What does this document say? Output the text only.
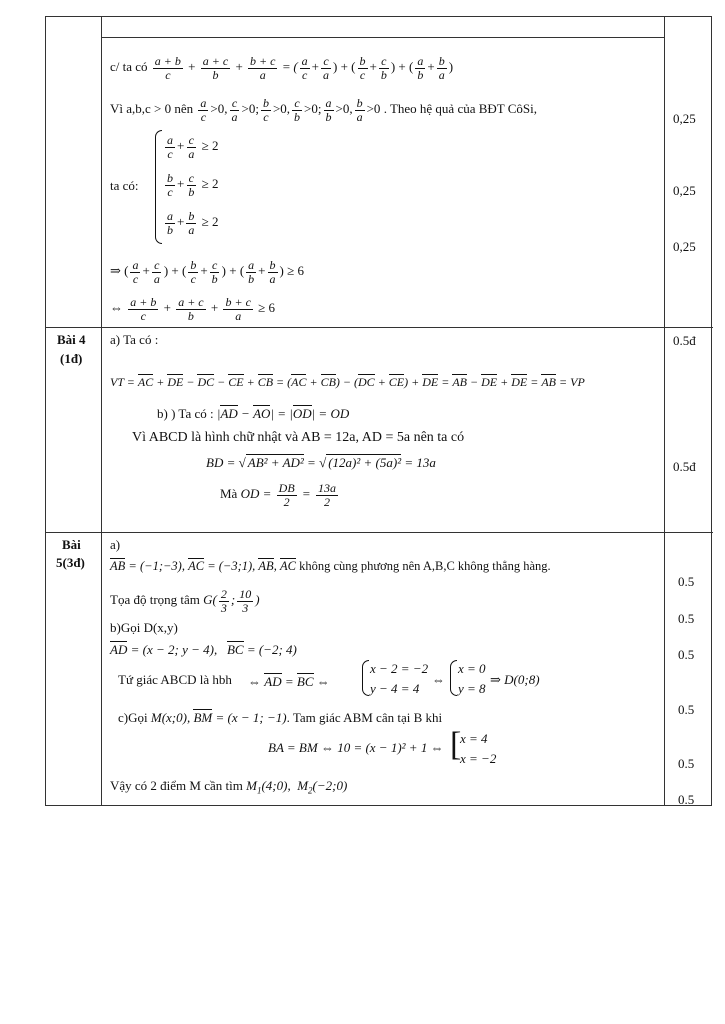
c/ ta có $\frac{a + b}{c} + \frac{a + c}{b} + \frac{b + c}{a}$ = ( $\frac{a}{c} + \frac{c}{a}$ ) + ( $\frac{b}{c} + \frac{c}{b}$ ) + ( $\frac{a}{b} + \frac{b}{a}$ )
Vì a,b,c > 0 nên $\frac{a}{c} >0$, $\frac{c}{a} >0$; $\frac{b}{c} >0$, $\frac{c}{b} >0$; $\frac{a}{b} >0$, $\frac{b}{a} >0$ . Theo hệ quả của BĐT CôSi,
ta có:
$\frac{a}{c} + \frac{c}{a} \ge 2$
$\frac{b}{c} + \frac{c}{b} \ge 2$
$\frac{a}{b} + \frac{b}{a} \ge 2$
⇒ ( $\frac{a}{c} + \frac{c}{a}$ ) + ( $\frac{b}{c} + \frac{c}{b}$ ) + ( $\frac{a}{b} + \frac{b}{a}$ ) ≥ 6
⇔ $\frac{a + b}{c} + \frac{a + c}{b} + \frac{b + c}{a} \ge 6$
0,25
0,25
0,25
Bài 4
(1đ)
a) Ta có :
VT = AC + DE − DC − CE + CB = (AC + CB) − (DC + CE) + DE = AB − DE + DE = AB = VP
b) ) Ta có : |AD − AO| = |OD| = OD
Vì ABCD là hình chữ nhật và AB = 12a, AD = 5a nên ta có
BD = √ AB² + AD² = √ (12a)² + (5a)² = 13a
Mà OD = $\frac{DB}{2} = \frac{13a}{2}$
0.5đ
0.5đ
Bài
5(3đ)
a)
AB = (−1;−3), AC = (−3;1), AB, AC không cùng phương nên A,B,C không thẳng hàng.
Tọa độ trọng tâm $G( \frac{2}{3}$ ; $\frac{10}{3}$ )
b)Gọi D(x,y)
AD = (x − 2; y − 4),   BC = (−2; 4)
Tứ giác ABCD là hbh ⇔ AD = BC ⇔
x − 2 = −2
y − 4 = 4
⇔
x = 0
y = 8
⇒ D(0;8)
c)Gọi M(x;0), BM = (x − 1; −1). Tam giác ABM cân tại B khi
BA = BM ⇔ 10 = (x − 1)² + 1 ⇔ [
x = 4
x = −2
Vậy có 2 điểm M cần tìm $M_1(4;0)$,  $M_2(-2;0)$
0.5
0.5
0.5
0.5
0.5
0.5
